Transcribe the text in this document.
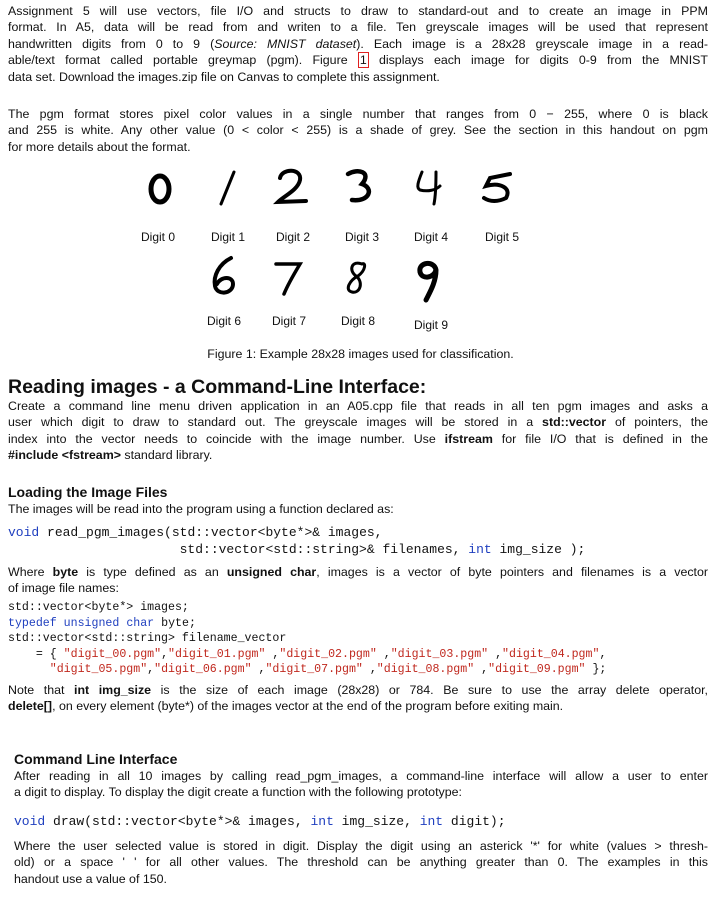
Assignment 5 will use vectors, file I/O and structs to draw to standard-out and to create an image in PPM
format. In A5, data will be read from and writen to a file. Ten greyscale images will be used that represent
handwritten digits from 0 to 9 (Source: MNIST dataset). Each image is a 28x28 greyscale image in a read-
able/text format called portable greymap (pgm). Figure 1 displays each image for digits 0-9 from the MNIST
data set. Download the images.zip file on Canvas to complete this assignment.
The pgm format stores pixel color values in a single number that ranges from 0 − 255, where 0 is black
and 255 is white. Any other value (0 < color < 255) is a shade of grey. See the section in this handout on pgm
for more details about the format.
Digit 0	Digit 1	Digit 2	Digit 3	Digit 4	Digit 5
Digit 6	Digit 7	Digit 8	Digit 9
Figure 1: Example 28x28 images used for classification.
Reading images - a Command-Line Interface:
Create a command line menu driven application in an A05.cpp file that reads in all ten pgm images and asks a
user which digit to draw to standard out. The greyscale images will be stored in a std::vector of pointers, the
index into the vector needs to coincide with the image number. Use ifstream for file I/O that is defined in the
#include <fstream> standard library.
Loading the Image Files
The images will be read into the program using a function declared as:
void read_pgm_images(std::vector<byte*>& images,
std::vector<std::string>& filenames, int img_size );
Where byte is type defined as an unsigned char, images is a vector of byte pointers and filenames is a vector
of image file names:
std::vector<byte*> images;
typedef unsigned char byte;
std::vector<std::string> filename_vector
= { "digit_00.pgm","digit_01.pgm" ,"digit_02.pgm" ,"digit_03.pgm" ,"digit_04.pgm",
"digit_05.pgm","digit_06.pgm" ,"digit_07.pgm" ,"digit_08.pgm" ,"digit_09.pgm" };
Note that int img_size is the size of each image (28x28) or 784. Be sure to use the array delete operator,
delete[], on every element (byte*) of the images vector at the end of the program before exiting main.
Command Line Interface
After reading in all 10 images by calling read_pgm_images, a command-line interface will allow a user to enter
a digit to display. To display the digit create a function with the following prototype:
void draw(std::vector<byte*>& images, int img_size, int digit);
Where the user selected value is stored in digit. Display the digit using an asterick '*' for white (values > thresh-
old) or a space ' ' for all other values. The threshold can be anything greater than 0. The examples in this
handout use a value of 150.
